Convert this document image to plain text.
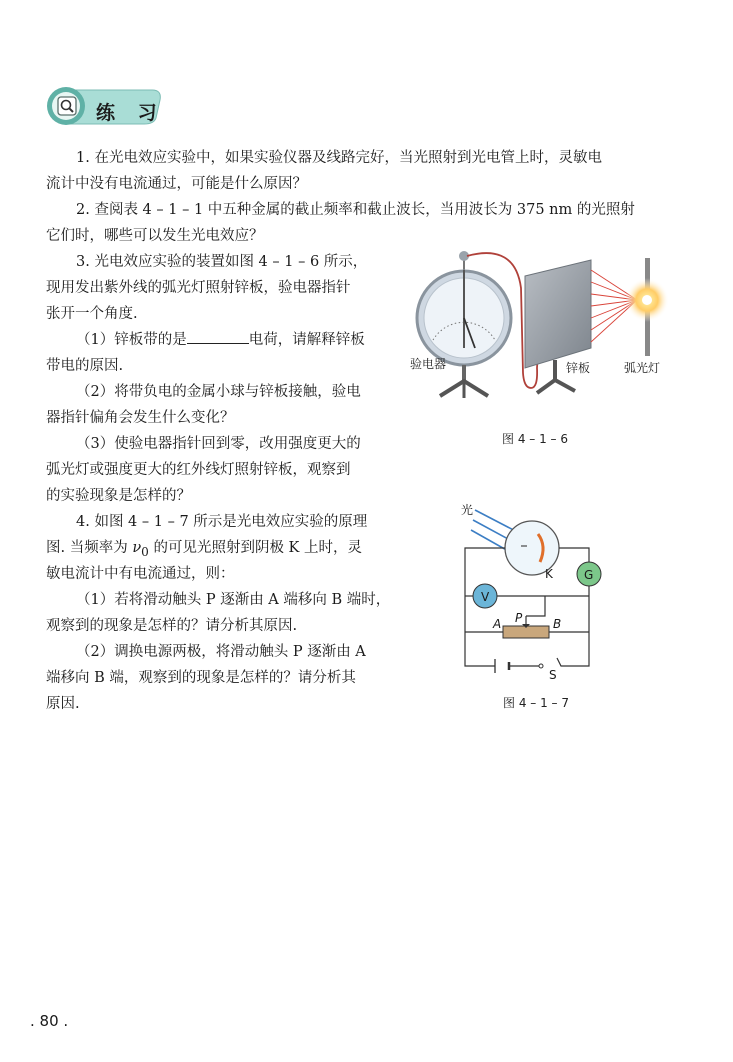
练 习
1. 在光电效应实验中，如果实验仪器及线路完好，当光照射到光电管上时，灵敏电
流计中没有电流通过，可能是什么原因？
2. 查阅表 4 – 1 – 1 中五种金属的截止频率和截止波长，当用波长为 375 nm 的光照射
它们时，哪些可以发生光电效应？
3. 光电效应实验的装置如图 4 – 1 – 6 所示，
现用发出紫外线的弧光灯照射锌板，验电器指针
张开一个角度.
（1）锌板带的是	电荷，请解释锌板
带电的原因.
（2）将带负电的金属小球与锌板接触，验电
器指针偏角会发生什么变化？
（3）使验电器指针回到零，改用强度更大的
弧光灯或强度更大的红外线灯照射锌板，观察到
的实验现象是怎样的？
4. 如图 4 – 1 – 7 所示是光电效应实验的原理
图. 当频率为 $\nu_0$ 的可见光照射到阴极 K 上时，灵
敏电流计中有电流通过，则：
（1）若将滑动触头 P 逐渐由 A 端移向 B 端时，
观察到的现象是怎样的？请分析其原因.
（2）调换电源两极，将滑动触头 P 逐渐由 A
端移向 B 端，观察到的现象是怎样的？请分析其
原因.
验电器	锌板	弧光灯
图 4 – 1 – 6
光
K	G
V
P
A	B
S
图 4 – 1 – 7
. 80 .
